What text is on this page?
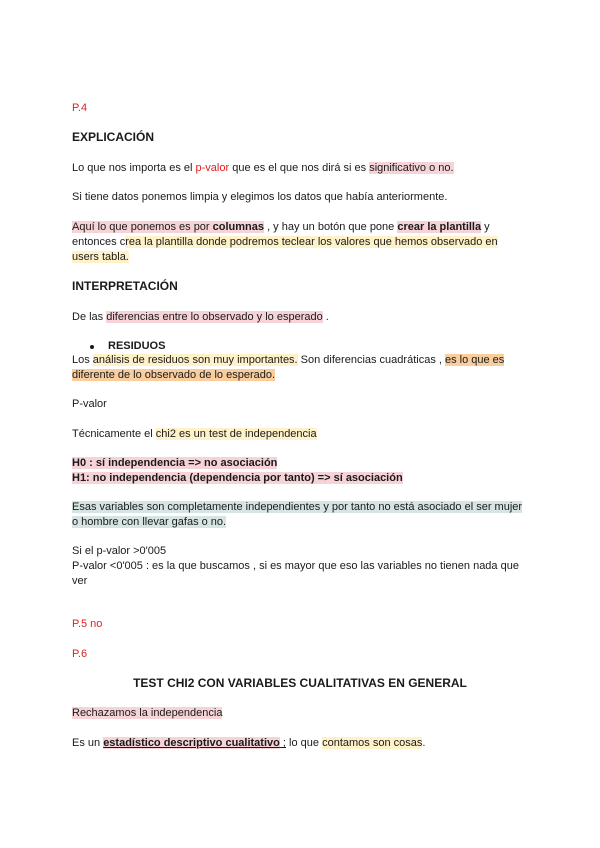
P.4
EXPLICACIÓN
Lo que nos importa es el p-valor que es el que nos dirá si es significativo o no.
Si tiene datos ponemos limpia y elegimos los datos que había anteriormente.
Aquí lo que ponemos es por columnas , y hay un botón que pone crear la plantilla y
entonces crea la plantilla donde podremos teclear los valores que hemos observado en
users tabla.
INTERPRETACIÓN
De las diferencias entre lo observado y lo esperado .
RESIDUOS
Los análisis de residuos son muy importantes. Son diferencias cuadráticas , es lo que es
diferente de lo observado de lo esperado.
P-valor
Técnicamente el chi2 es un test de independencia
H0 : sí independencia => no asociación
H1: no independencia (dependencia por tanto) => sí asociación
Esas variables son completamente independientes y por tanto no está asociado el ser mujer
o hombre con llevar gafas o no.
Si el p-valor >0'005
P-valor <0'005 : es la que buscamos , si es mayor que eso las variables no tienen nada que
ver
P.5 no
P.6
TEST CHI2 CON VARIABLES CUALITATIVAS EN GENERAL
Rechazamos la independencia
Es un estadístico descriptivo cualitativo ; lo que contamos son cosas.
